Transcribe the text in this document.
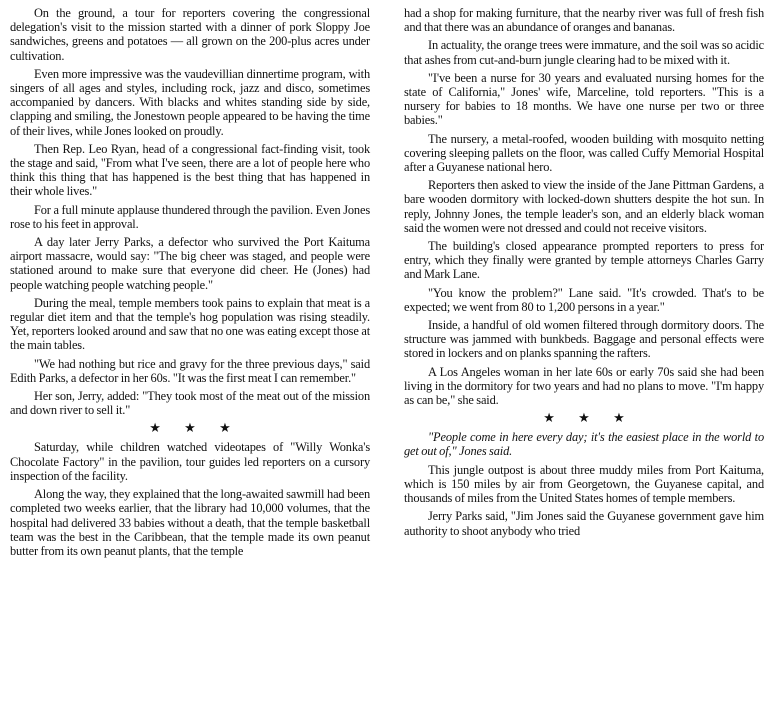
On the ground, a tour for reporters covering the congressional delegation's visit to the mission started with a dinner of pork Sloppy Joe sandwiches, greens and potatoes — all grown on the 200-plus acres under cultivation.

Even more impressive was the vaudevillian dinnertime program, with singers of all ages and styles, including rock, jazz and disco, sometimes accompanied by dancers. With blacks and whites standing side by side, clapping and smiling, the Jonestown people appeared to be having the time of their lives, while Jones looked on proudly.

Then Rep. Leo Ryan, head of a congressional fact-finding visit, took the stage and said, "From what I've seen, there are a lot of people here who think this thing that has happened is the best thing that has happened in their whole lives."

For a full minute applause thundered through the pavilion. Even Jones rose to his feet in approval.

A day later Jerry Parks, a defector who survived the Port Kaituma airport massacre, would say: "The big cheer was staged, and people were stationed around to make sure that everyone did cheer. He (Jones) had people watching people watching people."

During the meal, temple members took pains to explain that meat is a regular diet item and that the temple's hog population was rising steadily. Yet, reporters looked around and saw that no one was eating except those at the main tables.

"We had nothing but rice and gravy for the three previous days," said Edith Parks, a defector in her 60s. "It was the first meat I can remember."

Her son, Jerry, added: "They took most of the meat out of the mission and down river to sell it."

★ ★ ★

Saturday, while children watched videotapes of "Willy Wonka's Chocolate Factory" in the pavilion, tour guides led reporters on a cursory inspection of the facility.

Along the way, they explained that the long-awaited sawmill had been completed two weeks earlier, that the library had 10,000 volumes, that the hospital had delivered 33 babies without a death, that the temple basketball team was the best in the Caribbean, that the temple made its own peanut butter from its own peanut plants, that the temple

had a shop for making furniture, that the nearby river was full of fresh fish and that there was an abundance of oranges and bananas.

In actuality, the orange trees were immature, and the soil was so acidic that ashes from cut-and-burn jungle clearing had to be mixed with it.

"I've been a nurse for 30 years and evaluated nursing homes for the state of California," Jones' wife, Marceline, told reporters. "This is a nursery for babies to 18 months. We have one nurse per two or three babies."

The nursery, a metal-roofed, wooden building with mosquito netting covering sleeping pallets on the floor, was called Cuffy Memorial Hospital after a Guyanese national hero.

Reporters then asked to view the inside of the Jane Pittman Gardens, a bare wooden dormitory with locked-down shutters despite the hot sun. In reply, Johnny Jones, the temple leader's son, and an elderly black woman said the women were not dressed and could not receive visitors.

The building's closed appearance prompted reporters to press for entry, which they finally were granted by temple attorneys Charles Garry and Mark Lane.

"You know the problem?" Lane said. "It's crowded. That's to be expected; we went from 80 to 1,200 persons in a year."

Inside, a handful of old women filtered through dormitory doors. The structure was jammed with bunkbeds. Baggage and personal effects were stored in lockers and on planks spanning the rafters.

A Los Angeles woman in her late 60s or early 70s said she had been living in the dormitory for two years and had no plans to move. "I'm happy as can be," she said.

★ ★ ★

"People come in here every day; it's the easiest place in the world to get out of," Jones said.

This jungle outpost is about three muddy miles from Port Kaituma, which is 150 miles by air from Georgetown, the Guyanese capital, and thousands of miles from the United States homes of temple members.

Jerry Parks said, "Jim Jones said the Guyanese government gave him authority to shoot anybody who tried
